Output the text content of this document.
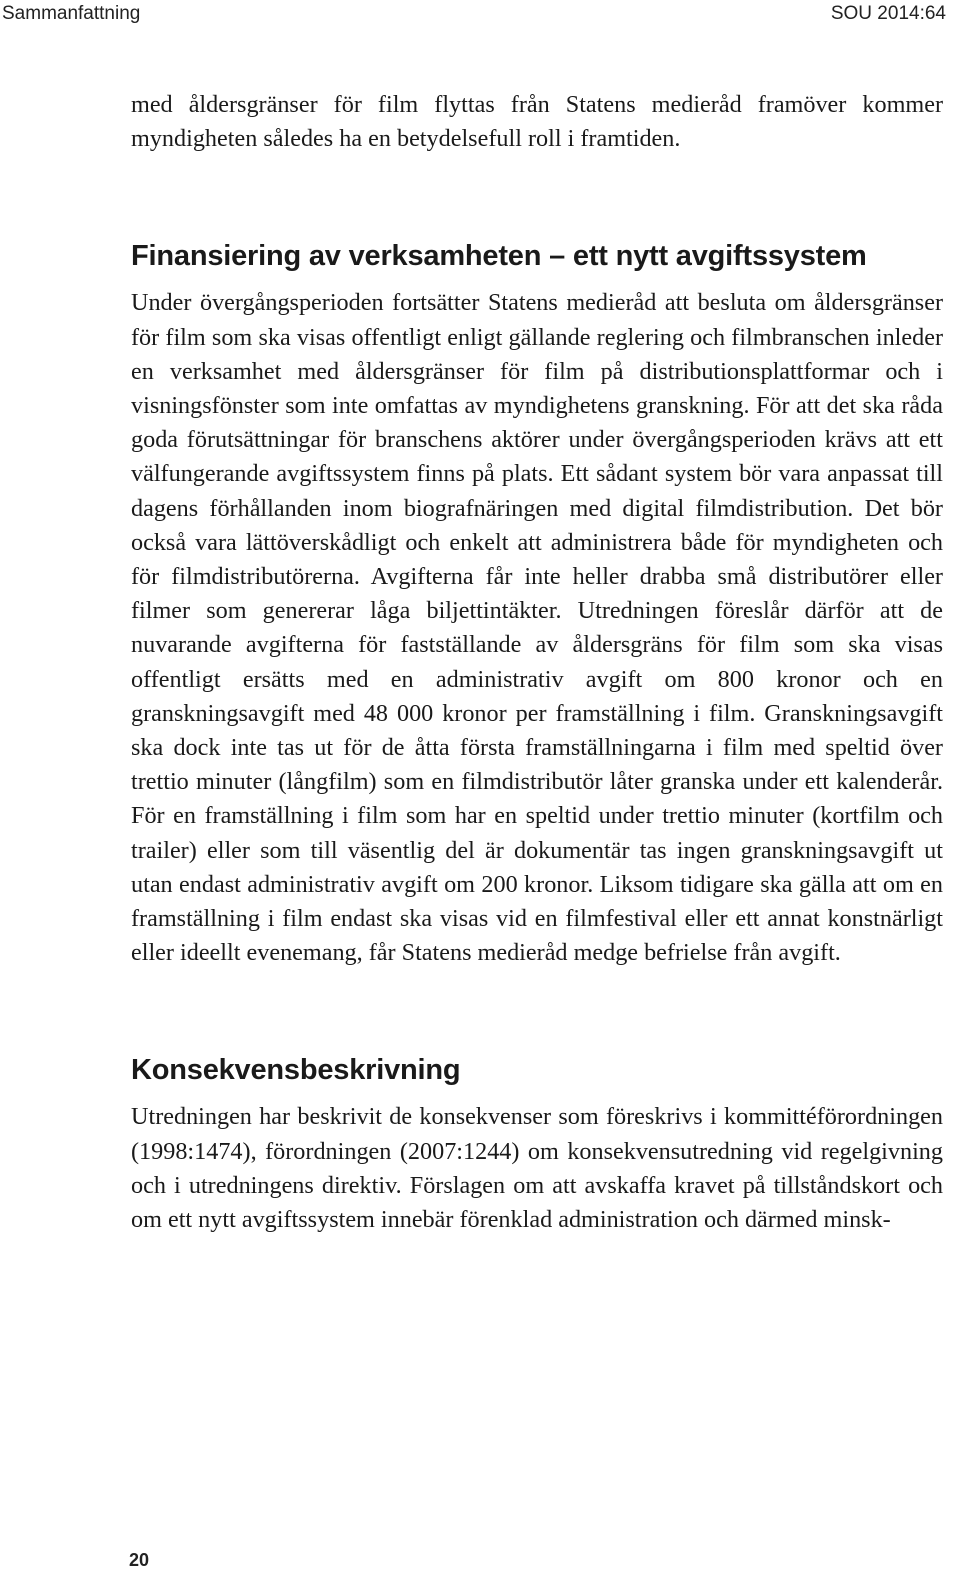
Sammanfattning	SOU 2014:64

med åldersgränser för film flyttas från Statens medieråd framöver kommer myndigheten således ha en betydelsefull roll i framtiden.

Finansiering av verksamheten – ett nytt avgiftssystem

Under övergångsperioden fortsätter Statens medieråd att besluta om åldersgränser för film som ska visas offentligt enligt gällande reglering och filmbranschen inleder en verksamhet med åldersgränser för film på distributionsplattformar och i visningsfönster som inte omfattas av myndighetens granskning. För att det ska råda goda förutsättningar för branschens aktörer under övergångsperioden krävs att ett välfungerande avgiftssystem finns på plats. Ett sådant system bör vara anpassat till dagens förhållanden inom biografnäringen med digital filmdistribution. Det bör också vara lättöverskådligt och enkelt att administrera både för myndigheten och för filmdistributörerna. Avgifterna får inte heller drabba små distributörer eller filmer som genererar låga biljettintäkter. Utredningen föreslår därför att de nuvarande avgifterna för fastställande av åldersgräns för film som ska visas offentligt ersätts med en administrativ avgift om 800 kronor och en granskningsavgift med 48 000 kronor per framställning i film. Granskningsavgift ska dock inte tas ut för de åtta första framställningarna i film med speltid över trettio minuter (långfilm) som en filmdistributör låter granska under ett kalenderår. För en framställning i film som har en speltid under trettio minuter (kortfilm och trailer) eller som till väsentlig del är dokumentär tas ingen granskningsavgift ut utan endast administrativ avgift om 200 kronor. Liksom tidigare ska gälla att om en framställning i film endast ska visas vid en filmfestival eller ett annat konstnärligt eller ideellt evenemang, får Statens medieråd medge befrielse från avgift.

Konsekvensbeskrivning

Utredningen har beskrivit de konsekvenser som föreskrivs i kommittéförordningen (1998:1474), förordningen (2007:1244) om konsekvensutredning vid regelgivning och i utredningens direktiv. Förslagen om att avskaffa kravet på tillståndskort och om ett nytt avgiftssystem innebär förenklad administration och därmed minsk-

20
